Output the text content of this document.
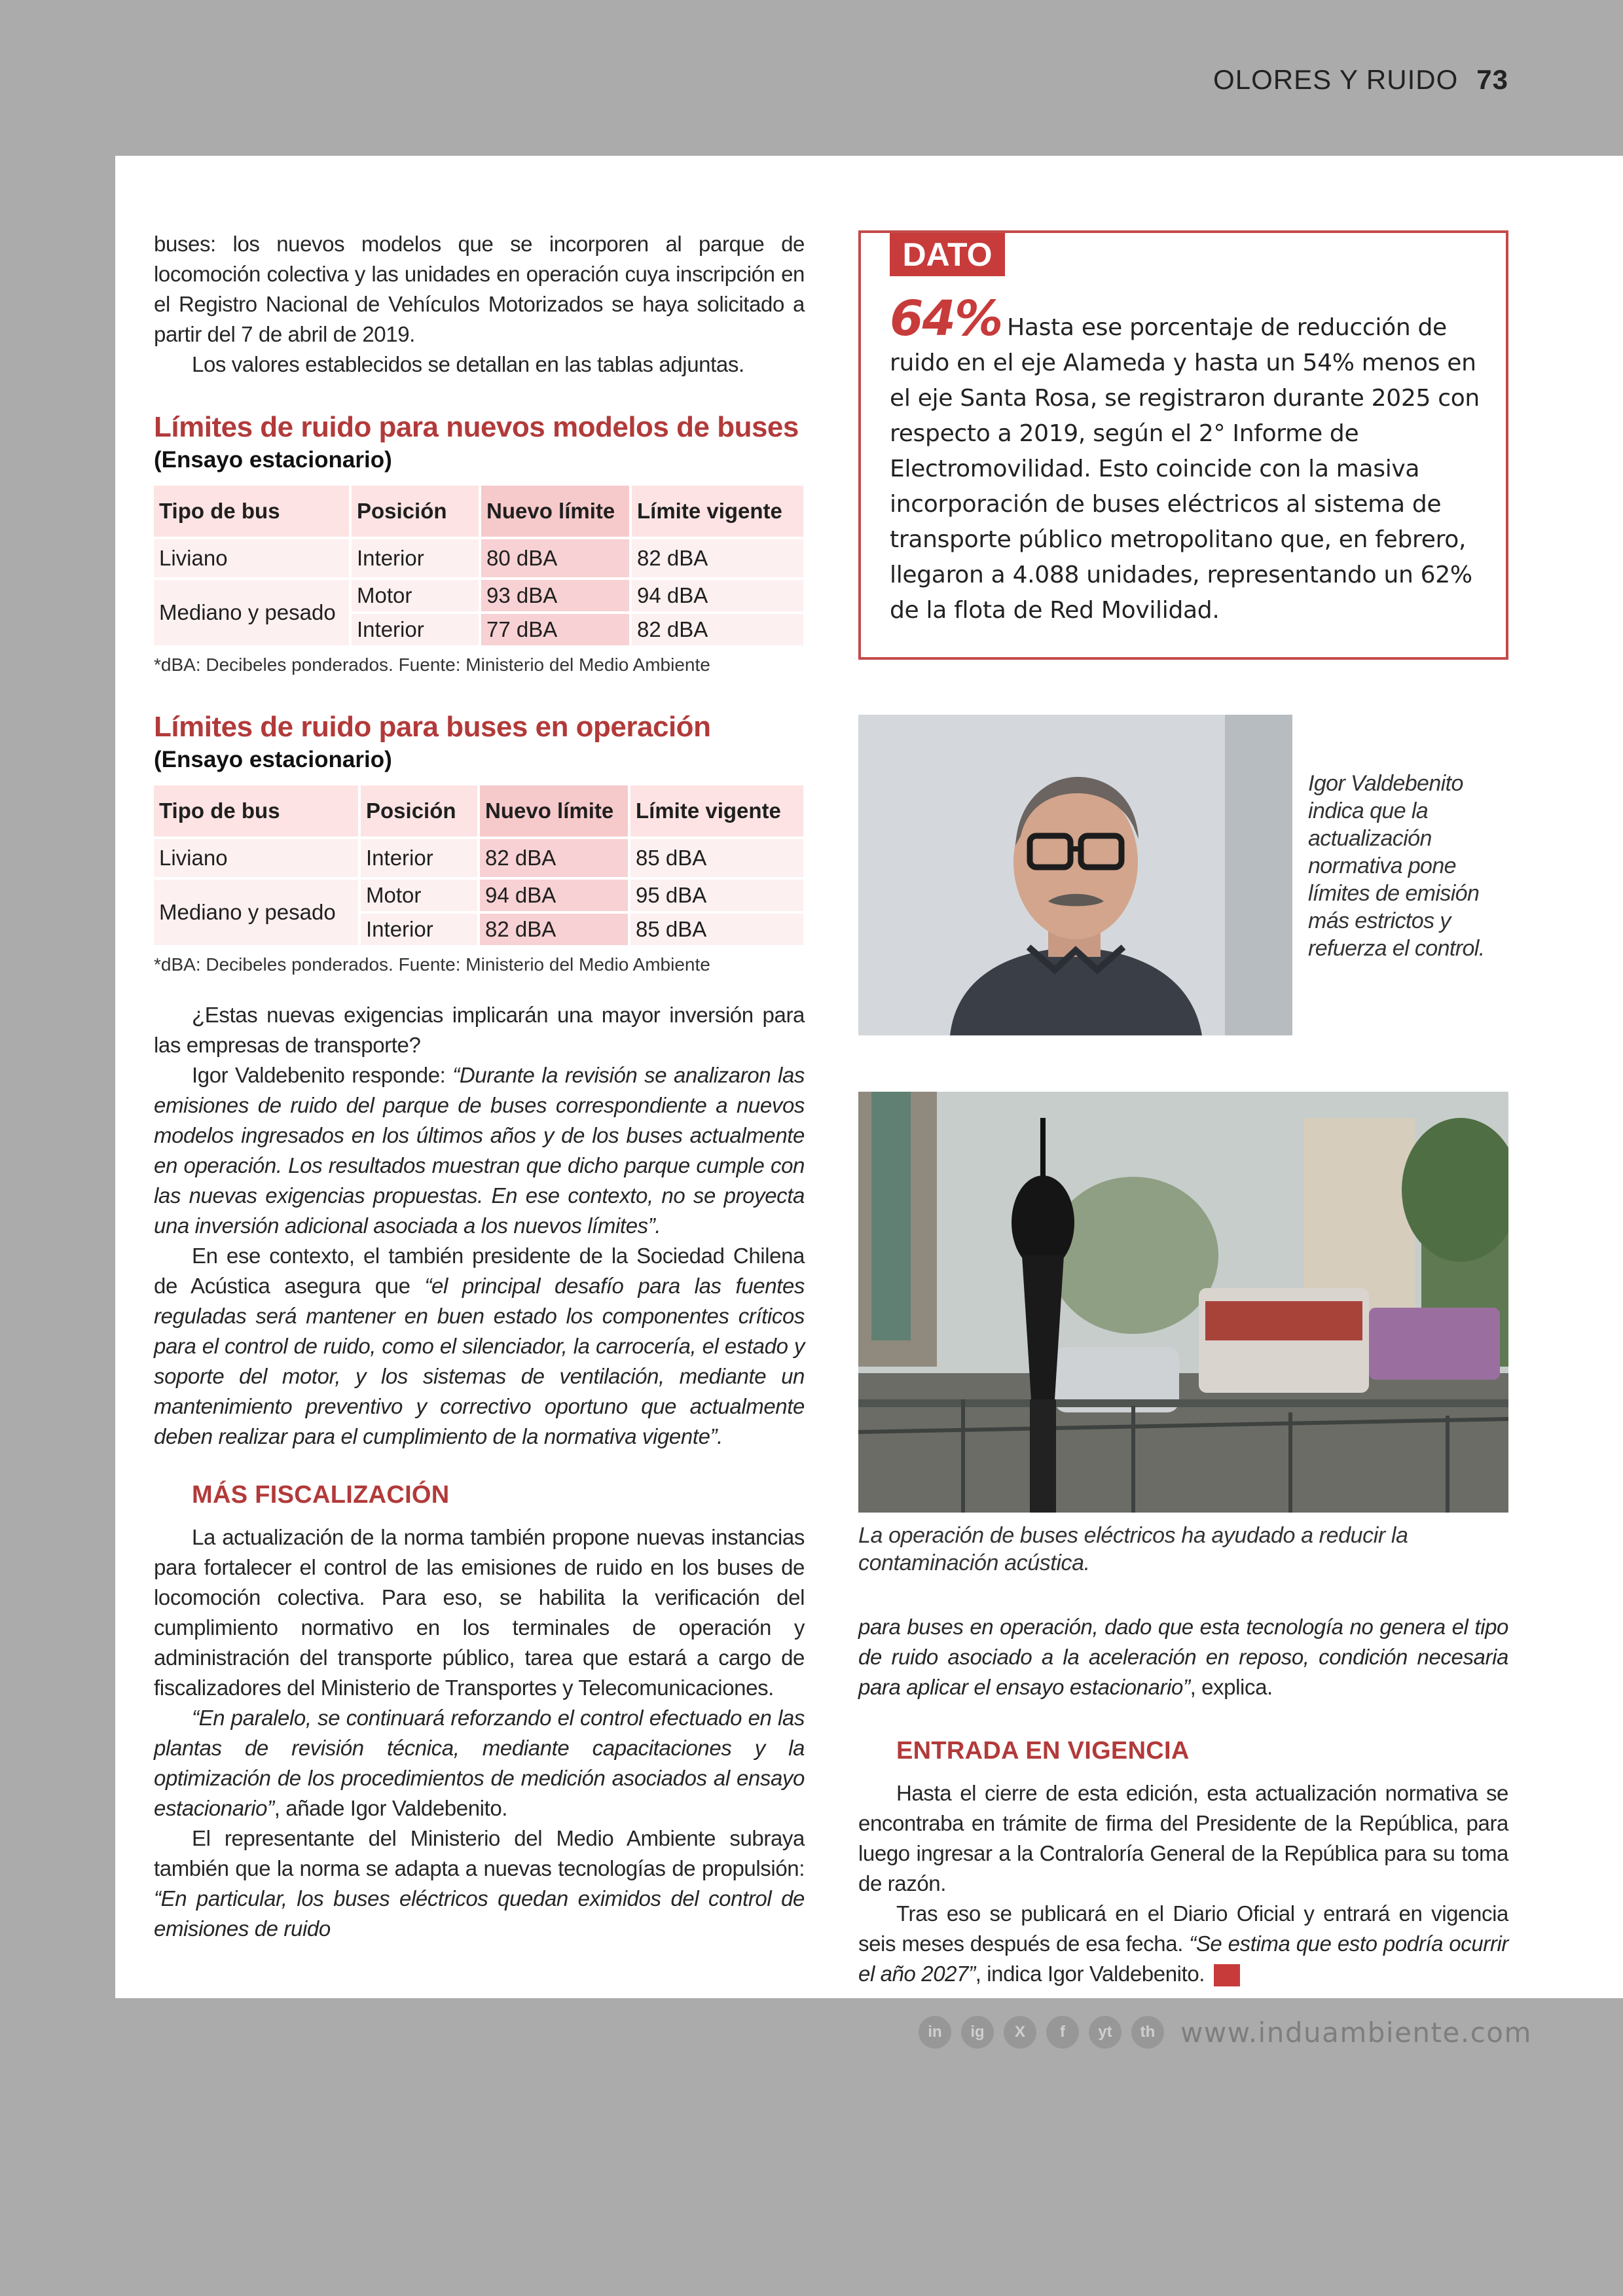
OLORES Y RUIDO 73

buses: los nuevos modelos que se incorporen al parque de locomoción colectiva y las unidades en operación cuya inscripción en el Registro Nacional de Vehículos Motorizados se haya solicitado a partir del 7 de abril de 2019.

Los valores establecidos se detallan en las tablas adjuntas.

Límites de ruido para nuevos modelos de buses
(Ensayo estacionario)
Tipo de bus	Posición	Nuevo límite	Límite vigente
Liviano	Interior	80 dBA	82 dBA
Mediano y pesado	Motor	93 dBA	94 dBA
	Interior	77 dBA	82 dBA

*dBA: Decibeles ponderados. Fuente: Ministerio del Medio Ambiente

Límites de ruido para buses en operación
(Ensayo estacionario)
Tipo de bus	Posición	Nuevo límite	Límite vigente
Liviano	Interior	82 dBA	85 dBA
Mediano y pesado	Motor	94 dBA	95 dBA
	Interior	82 dBA	85 dBA

*dBA: Decibeles ponderados. Fuente: Ministerio del Medio Ambiente

¿Estas nuevas exigencias implicarán una mayor inversión para las empresas de transporte?

Igor Valdebenito responde: “Durante la revisión se analizaron las emisiones de ruido del parque de buses correspondiente a nuevos modelos ingresados en los últimos años y de los buses actualmente en operación. Los resultados muestran que dicho parque cumple con las nuevas exigencias propuestas. En ese contexto, no se proyecta una inversión adicional asociada a los nuevos límites”.

En ese contexto, el también presidente de la Sociedad Chilena de Acústica asegura que “el principal desafío para las fuentes reguladas será mantener en buen estado los componentes críticos para el control de ruido, como el silenciador, la carrocería, el estado y soporte del motor, y los sistemas de ventilación, mediante un mantenimiento preventivo y correctivo oportuno que actualmente deben realizar para el cumplimiento de la normativa vigente”.

MÁS FISCALIZACIÓN

La actualización de la norma también propone nuevas instancias para fortalecer el control de las emisiones de ruido en los buses de locomoción colectiva. Para eso, se habilita la verificación del cumplimiento normativo en los terminales de operación y administración del transporte público, tarea que estará a cargo de fiscalizadores del Ministerio de Transportes y Telecomunicaciones.

“En paralelo, se continuará reforzando el control efectuado en las plantas de revisión técnica, mediante capacitaciones y la optimización de los procedimientos de medición asociados al ensayo estacionario”, añade Igor Valdebenito.

El representante del Ministerio del Medio Ambiente subraya también que la norma se adapta a nuevas tecnologías de propulsión: “En particular, los buses eléctricos quedan eximidos del control de emisiones de ruido

DATO
64% Hasta ese porcentaje de reducción de ruido en el eje Alameda y hasta un 54% menos en el eje Santa Rosa, se registraron durante 2025 con respecto a 2019, según el 2° Informe de Electromovilidad. Esto coincide con la masiva incorporación de buses eléctricos al sistema de transporte público metropolitano que, en febrero, llegaron a 4.088 unidades, representando un 62% de la flota de Red Movilidad.
Igor Valdebenito indica que la actualización normativa pone límites de emisión más estrictos y refuerza el control.
La operación de buses eléctricos ha ayudado a reducir la contaminación acústica.

para buses en operación, dado que esta tecnología no genera el tipo de ruido asociado a la aceleración en reposo, condición necesaria para aplicar el ensayo estacionario”, explica.

ENTRADA EN VIGENCIA

Hasta el cierre de esta edición, esta actualización normativa se encontraba en trámite de firma del Presidente de la República, para luego ingresar a la Contraloría General de la República para su toma de razón.

Tras eso se publicará en el Diario Oficial y entrará en vigencia seis meses después de esa fecha. “Se estima que esto podría ocurrir el año 2027”, indica Igor Valdebenito.	IA

in	ig	X	f	yt	th www.induambiente.com
